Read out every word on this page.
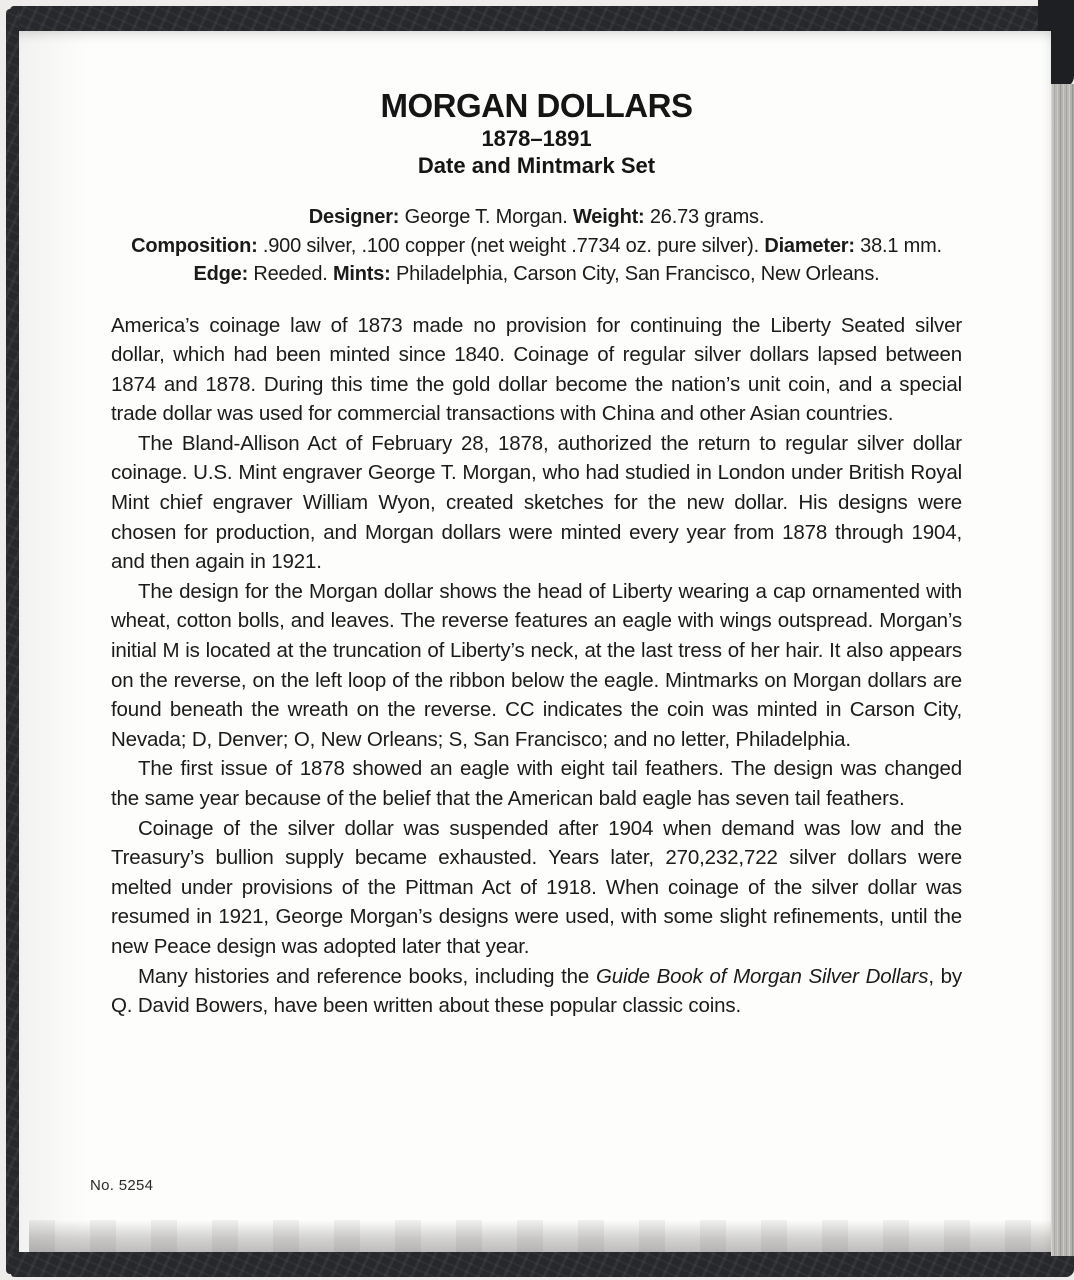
MORGAN DOLLARS
1878–1891
Date and Mintmark Set
Designer: George T. Morgan. Weight: 26.73 grams.
Composition: .900 silver, .100 copper (net weight .7734 oz. pure silver). Diameter: 38.1 mm.
Edge: Reeded. Mints: Philadelphia, Carson City, San Francisco, New Orleans.

America’s coinage law of 1873 made no provision for continuing the Liberty Seated silver dollar, which had been minted since 1840. Coinage of regular silver dollars lapsed between 1874 and 1878. During this time the gold dollar become the nation’s unit coin, and a special trade dollar was used for commercial transactions with China and other Asian countries.

The Bland-Allison Act of February 28, 1878, authorized the return to regular silver dollar coinage. U.S. Mint engraver George T. Morgan, who had studied in London under British Royal Mint chief engraver William Wyon, created sketches for the new dollar. His designs were chosen for production, and Morgan dollars were minted every year from 1878 through 1904, and then again in 1921.

The design for the Morgan dollar shows the head of Liberty wearing a cap ornamented with wheat, cotton bolls, and leaves. The reverse features an eagle with wings outspread. Morgan’s initial M is located at the truncation of Liberty’s neck, at the last tress of her hair. It also appears on the reverse, on the left loop of the ribbon below the eagle. Mintmarks on Morgan dollars are found beneath the wreath on the reverse. CC indicates the coin was minted in Carson City, Nevada; D, Denver; O, New Orleans; S, San Francisco; and no letter, Philadelphia.

The first issue of 1878 showed an eagle with eight tail feathers. The design was changed the same year because of the belief that the American bald eagle has seven tail feathers.

Coinage of the silver dollar was suspended after 1904 when demand was low and the Treasury’s bullion supply became exhausted. Years later, 270,232,722 silver dollars were melted under provisions of the Pittman Act of 1918. When coinage of the silver dollar was resumed in 1921, George Morgan’s designs were used, with some slight refinements, until the new Peace design was adopted later that year.

Many histories and reference books, including the Guide Book of Morgan Silver Dollars, by Q. David Bowers, have been written about these popular classic coins.

No. 5254
